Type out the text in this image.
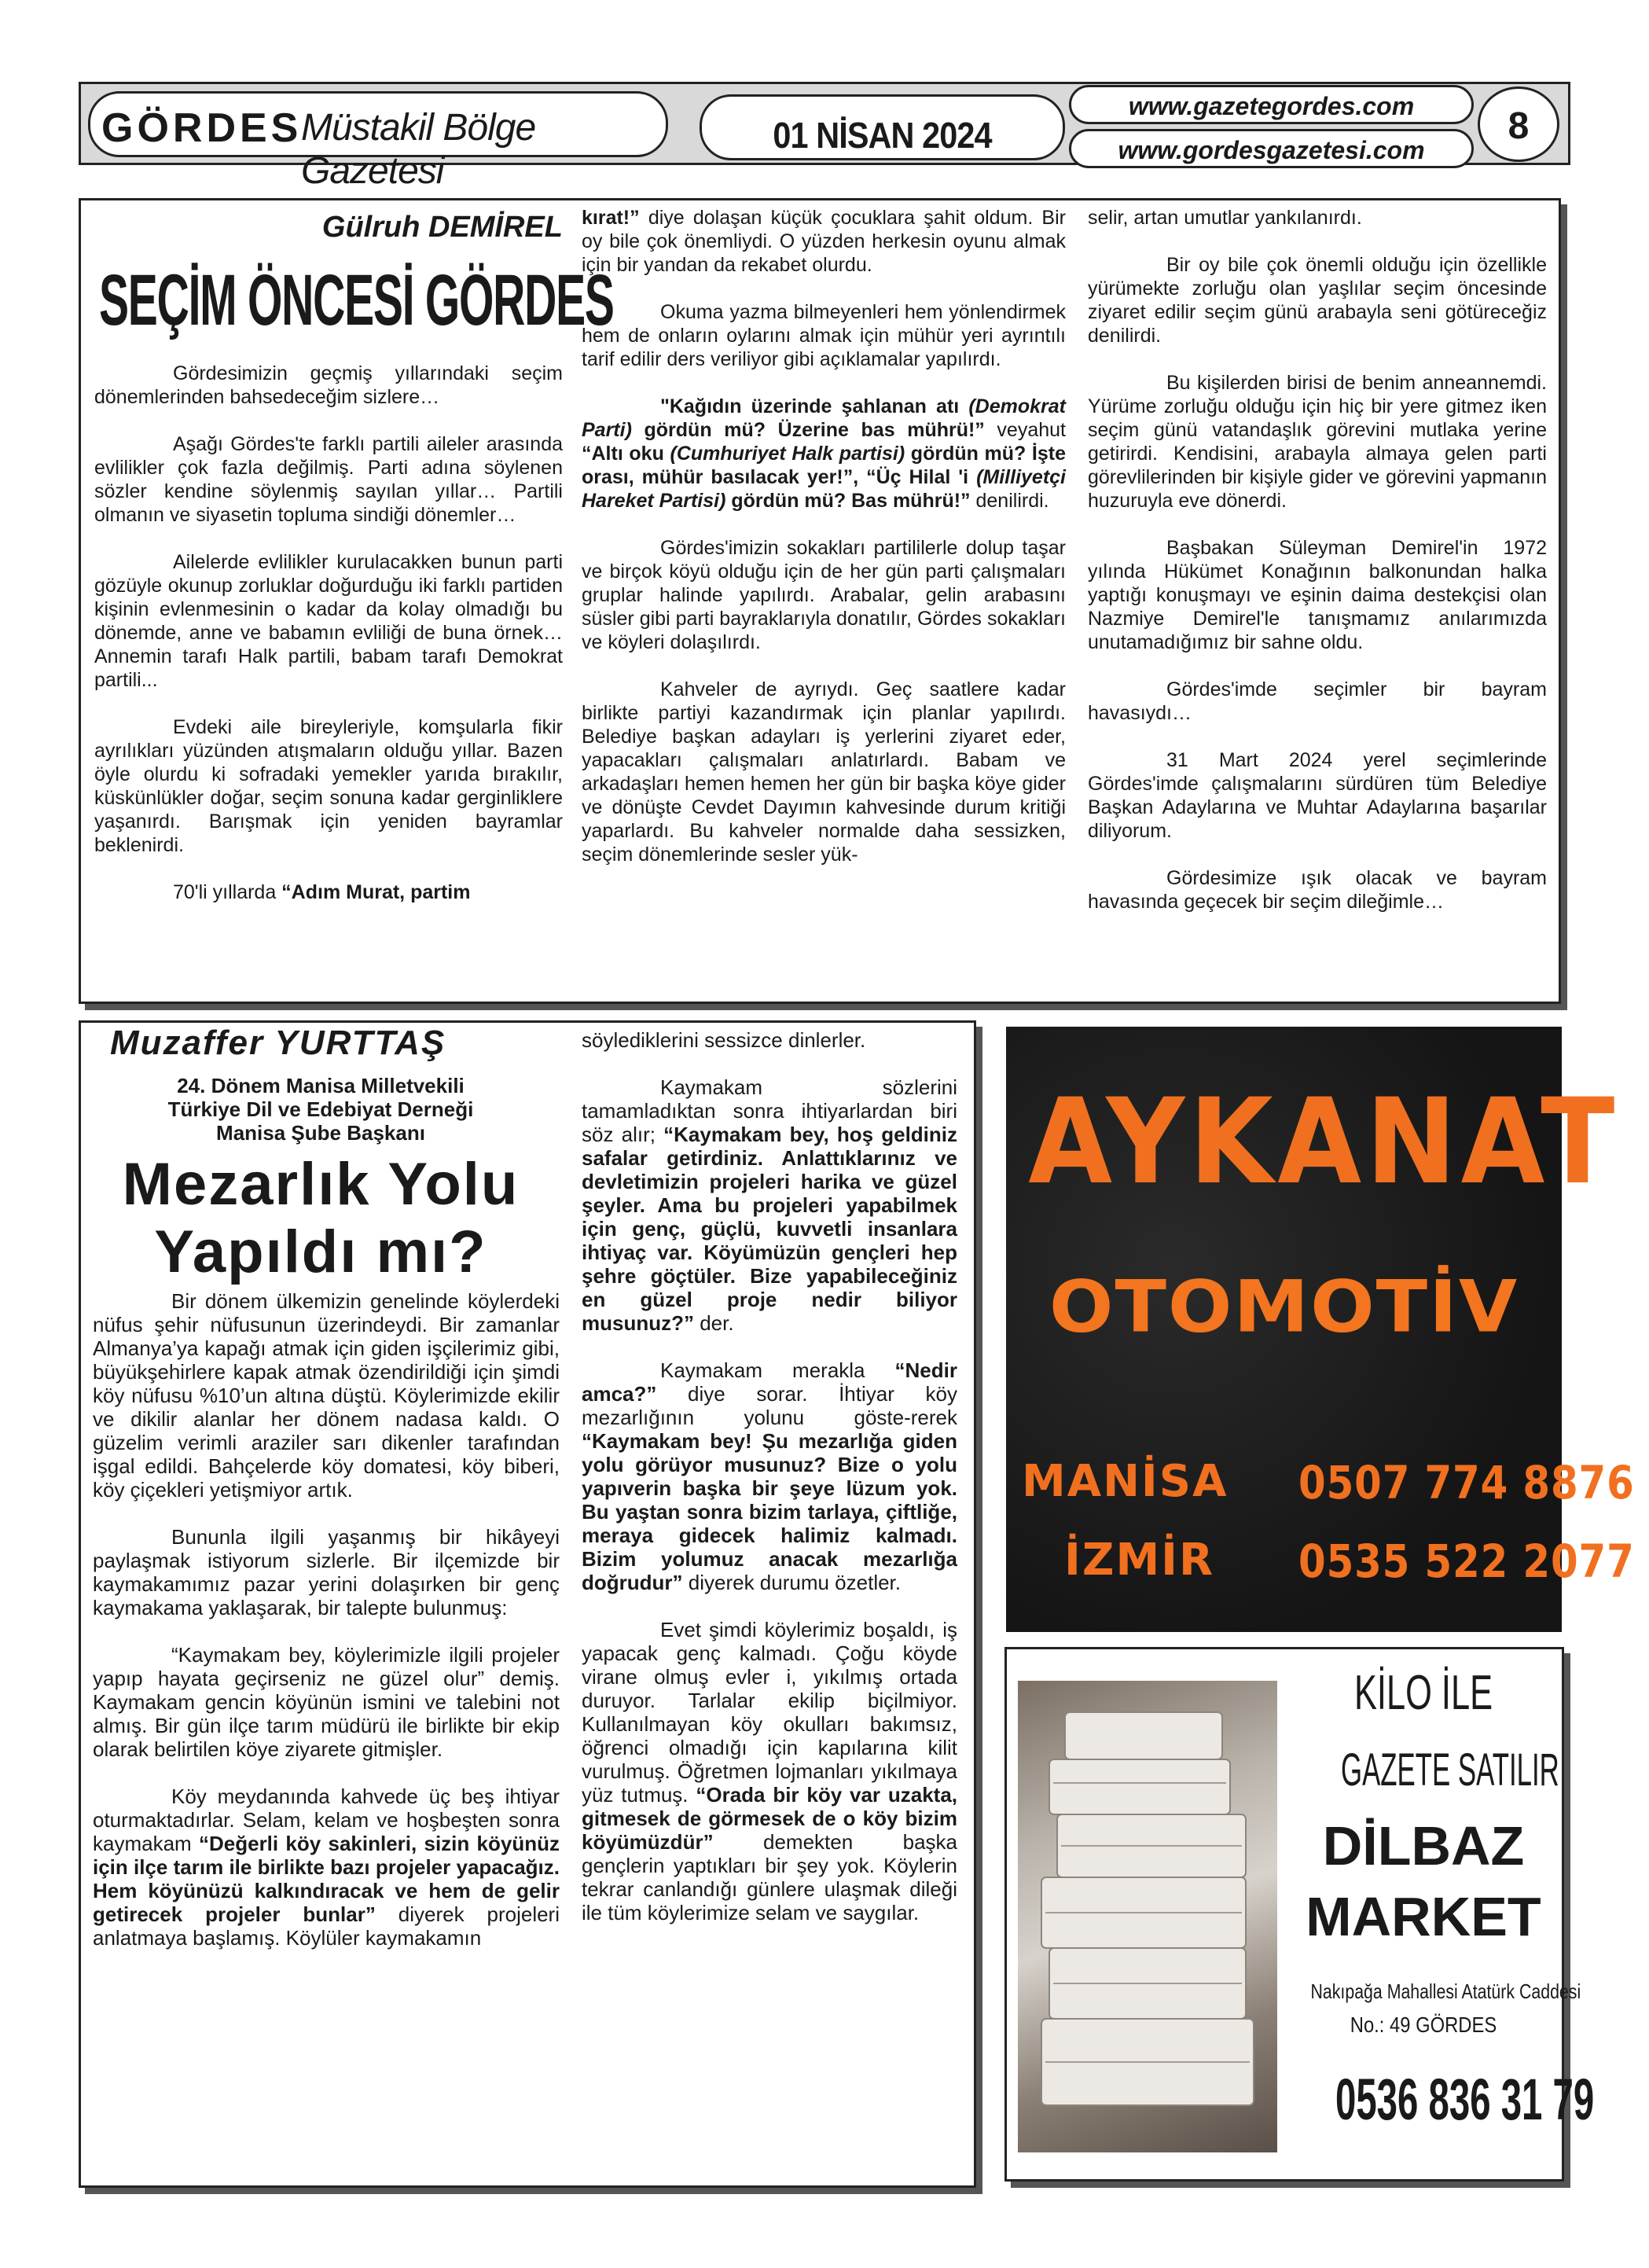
GÖRDES
Müstakil Bölge Gazetesi
01 NİSAN 2024
www.gazetegordes.com
www.gordesgazetesi.com
8
Gülruh DEMİREL
SEÇİM ÖNCESİ GÖRDES

Gördesimizin geçmiş yıllarındaki seçim dönemlerinden bahsedeceğim sizlere…

Aşağı Gördes'te farklı partili aileler arasında evlilikler çok fazla değilmiş. Parti adına söylenen sözler kendine söylenmiş sayılan yıllar… Partili olmanın ve siyasetin topluma sindiği dönemler…

Ailelerde evlilikler kurulacakken bunun parti gözüyle okunup zorluklar doğurduğu iki farklı partiden kişinin evlenmesinin o kadar da kolay olmadığı bu dönemde, anne ve babamın evliliği de buna örnek… Annemin tarafı Halk partili, babam tarafı Demokrat partili...

Evdeki aile bireyleriyle, komşularla fikir ayrılıkları yüzünden atışmaların olduğu yıllar. Bazen öyle olurdu ki sofradaki yemekler yarıda bırakılır, küskünlükler doğar, seçim sonuna kadar gerginliklere yaşanırdı. Barışmak için yeniden bayramlar beklenirdi.

70'li yıllarda “Adım Murat, partim

kırat!” diye dolaşan küçük çocuklara şahit oldum. Bir oy bile çok önemliydi. O yüzden herkesin oyunu almak için bir yandan da rekabet olurdu.

Okuma yazma bilmeyenleri hem yönlendirmek hem de onların oylarını almak için mühür yeri ayrıntılı tarif edilir ders veriliyor gibi açıklamalar yapılırdı.

"Kağıdın üzerinde şahlanan atı (Demokrat Parti) gördün mü? Üzerine bas mührü!” veyahut “Altı oku (Cumhuriyet Halk partisi) gördün mü? İşte orası, mühür basılacak yer!”, “Üç Hilal 'i (Milliyetçi Hareket Partisi) gördün mü? Bas mührü!” denilirdi.

Gördes'imizin sokakları partililerle dolup taşar ve birçok köyü olduğu için de her gün parti çalışmaları gruplar halinde yapılırdı. Arabalar, gelin arabasını süsler gibi parti bayraklarıyla donatılır, Gördes sokakları ve köyleri dolaşılırdı.

Kahveler de ayrıydı. Geç saatlere kadar birlikte partiyi kazandırmak için planlar yapılırdı. Belediye başkan adayları iş yerlerini ziyaret eder, yapacakları çalışmaları anlatırlardı. Babam ve arkadaşları hemen hemen her gün bir başka köye gider ve dönüşte Cevdet Dayımın kahvesinde durum kritiği yaparlardı. Bu kahveler normalde daha sessizken, seçim dönemlerinde sesler yük-

selir, artan umutlar yankılanırdı.

Bir oy bile çok önemli olduğu için özellikle yürümekte zorluğu olan yaşlılar seçim öncesinde ziyaret edilir seçim günü arabayla seni götüreceğiz denilirdi.

Bu kişilerden birisi de benim anneannemdi. Yürüme zorluğu olduğu için hiç bir yere gitmez iken seçim günü vatandaşlık görevini mutlaka yerine getirirdi. Kendisini, arabayla almaya gelen parti görevlilerinden bir kişiyle gider ve görevini yapmanın huzuruyla eve dönerdi.

Başbakan Süleyman Demirel'in 1972 yılında Hükümet Konağının balkonundan halka yaptığı konuşmayı ve eşinin daima destekçisi olan Nazmiye Demirel'le tanışmamız anılarımızda unutamadığımız bir sahne oldu.

Gördes'imde seçimler bir bayram havasıydı…

31 Mart 2024 yerel seçimlerinde Gördes'imde çalışmalarını sürdüren tüm Belediye Başkan Adaylarına ve Muhtar Adaylarına başarılar diliyorum.

Gördesimize ışık olacak ve bayram havasında geçecek bir seçim dileğimle…

Muzaffer YURTTAŞ
24. Dönem Manisa Milletvekili
Türkiye Dil ve Edebiyat Derneği
Manisa Şube Başkanı
Mezarlık Yolu
Yapıldı mı?

Bir dönem ülkemizin genelinde köylerdeki nüfus şehir nüfusunun üzerindeydi. Bir zamanlar Almanya’ya kapağı atmak için giden işçilerimiz gibi, büyükşehirlere kapak atmak özendirildiği için şimdi köy nüfusu %10’un altına düştü. Köylerimizde ekilir ve dikilir alanlar her dönem nadasa kaldı. O güzelim verimli araziler sarı dikenler tarafından işgal edildi. Bahçelerde köy domatesi, köy biberi, köy çiçekleri yetişmiyor artık.

Bununla ilgili yaşanmış bir hikâyeyi paylaşmak istiyorum sizlerle. Bir ilçemizde bir kaymakamımız pazar yerini dolaşırken bir genç kaymakama yaklaşarak, bir talepte bulunmuş:

“Kaymakam bey, köylerimizle ilgili projeler yapıp hayata geçirseniz ne güzel olur” demiş. Kaymakam gencin köyünün ismini ve talebini not almış. Bir gün ilçe tarım müdürü ile birlikte bir ekip olarak belirtilen köye ziyarete gitmişler.

Köy meydanında kahvede üç beş ihtiyar oturmaktadırlar. Selam, kelam ve hoşbeşten sonra kaymakam “Değerli köy sakinleri, sizin köyünüz için ilçe tarım ile birlikte bazı projeler yapacağız. Hem köyünüzü kalkındıracak ve hem de gelir getirecek projeler bunlar” diyerek projeleri anlatmaya başlamış. Köylüler kaymakamın

söylediklerini sessizce dinlerler.

Kaymakam sözlerini tamamladıktan sonra ihtiyarlardan biri söz alır; “Kaymakam bey, hoş geldiniz safalar getirdiniz. Anlattıklarınız ve devletimizin projeleri harika ve güzel şeyler. Ama bu projeleri yapabilmek için genç, güçlü, kuvvetli insanlara ihtiyaç var. Köyümüzün gençleri hep şehre göçtüler. Bize yapabileceğiniz en güzel proje nedir biliyor musunuz?” der.

Kaymakam merakla “Nedir amca?” diye sorar. İhtiyar köy mezarlığının yolunu göste-rerek “Kaymakam bey! Şu mezarlığa giden yolu görüyor musunuz? Bize o yolu yapıverin başka bir şeye lüzum yok. Bu yaştan sonra bizim tarlaya, çiftliğe, meraya gidecek halimiz kalmadı. Bizim yolumuz anacak mezarlığa doğrudur” diyerek durumu özetler.

Evet şimdi köylerimiz boşaldı, iş yapacak genç kalmadı. Çoğu köyde virane olmuş evler i, yıkılmış ortada duruyor. Tarlalar ekilip biçilmiyor. Kullanılmayan köy okulları bakımsız, öğrenci olmadığı için kapılarına kilit vurulmuş. Öğretmen lojmanları yıkılmaya yüz tutmuş. “Orada bir köy var uzakta, gitmesek de görmesek de o köy bizim köyümüzdür” demekten başka gençlerin yaptıkları bir şey yok. Köylerin tekrar canlandığı günlere ulaşmak dileği ile tüm köylerimize selam ve saygılar.

AYKANAT
OTOMOTİV
MANİSA
İZMİR
0507 774 8876
0535 522 2077
KİLO İLE
GAZETE SATILIR
DİLBAZ
MARKET
Nakıpağa Mahallesi Atatürk Caddesi
No.: 49 GÖRDES
0536 836 31 79
